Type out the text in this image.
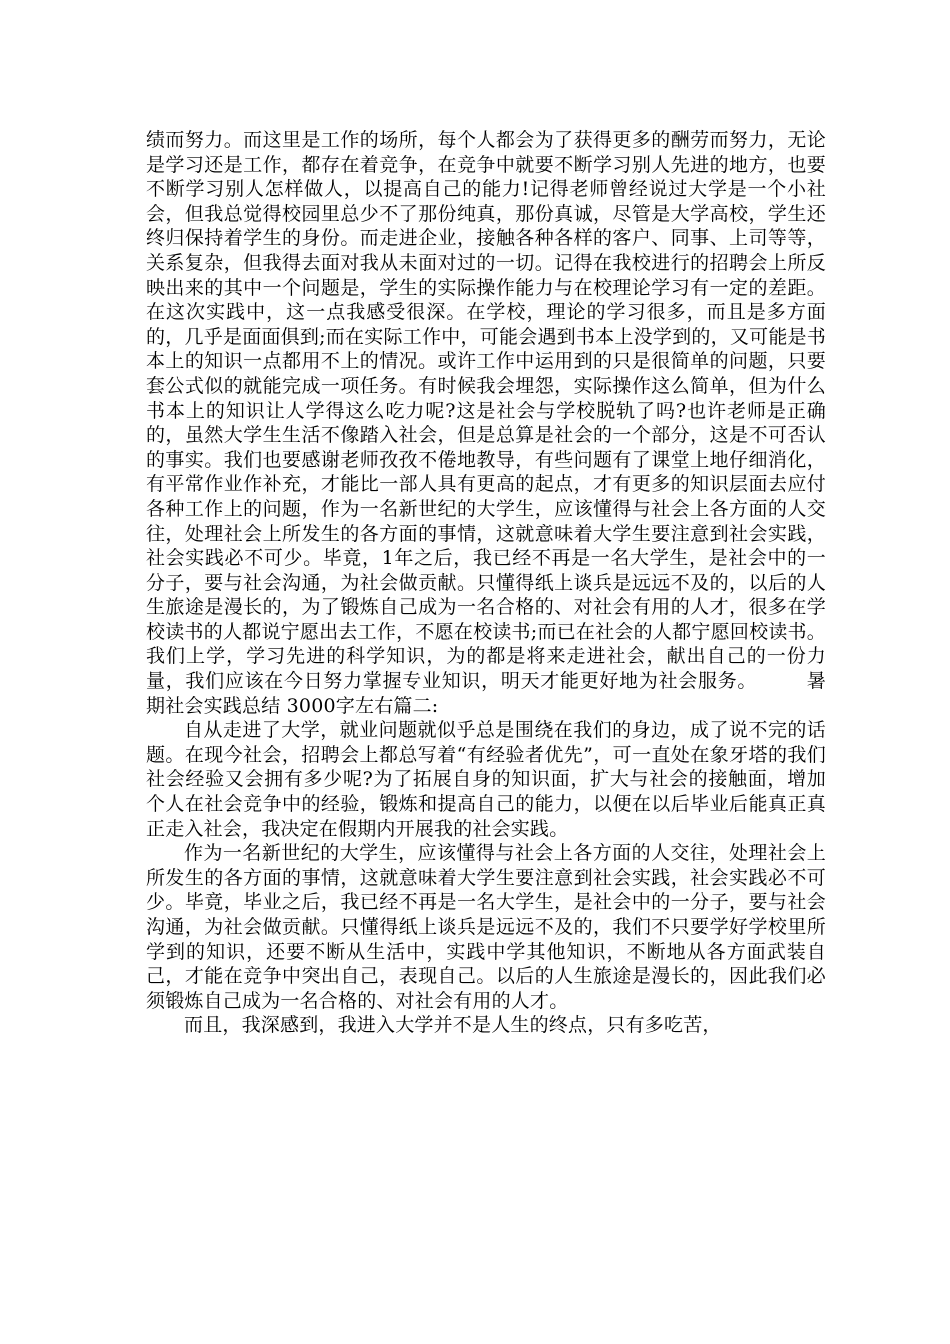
绩而努力。而这里是工作的场所，每个人都会为了获得更多的酬劳而努力，无论是学习还是工作，都存在着竞争，在竞争中就要不断学习别人先进的地方，也要不断学习别人怎样做人，以提高自己的能力!记得老师曾经说过大学是一个小社会，但我总觉得校园里总少不了那份纯真，那份真诚，尽管是大学高校，学生还终归保持着学生的身份。而走进企业，接触各种各样的客户、同事、上司等等，关系复杂，但我得去面对我从未面对过的一切。记得在我校进行的招聘会上所反映出来的其中一个问题是，学生的实际操作能力与在校理论学习有一定的差距。在这次实践中，这一点我感受很深。在学校，理论的学习很多，而且是多方面的，几乎是面面俱到;而在实际工作中，可能会遇到书本上没学到的，又可能是书本上的知识一点都用不上的情况。或许工作中运用到的只是很简单的问题，只要套公式似的就能完成一项任务。有时候我会埋怨，实际操作这么简单，但为什么书本上的知识让人学得这么吃力呢?这是社会与学校脱轨了吗?也许老师是正确的，虽然大学生生活不像踏入社会，但是总算是社会的一个部分，这是不可否认的事实。我们也要感谢老师孜孜不倦地教导，有些问题有了课堂上地仔细消化，有平常作业作补充，才能比一部人具有更高的起点，才有更多的知识层面去应付各种工作上的问题，作为一名新世纪的大学生，应该懂得与社会上各方面的人交往，处理社会上所发生的各方面的事情，这就意味着大学生要注意到社会实践，社会实践必不可少。毕竟，1年之后，我已经不再是一名大学生，是社会中的一分子，要与社会沟通，为社会做贡献。只懂得纸上谈兵是远远不及的，以后的人生旅途是漫长的，为了锻炼自己成为一名合格的、对社会有用的人才，很多在学校读书的人都说宁愿出去工作，不愿在校读书;而已在社会的人都宁愿回校读书。我们上学，学习先进的科学知识，为的都是将来走进社会，献出自己的一份力量，我们应该在今日努力掌握专业知识，明天才能更好地为社会服务。　　　暑期社会实践总结 3000字左右篇二:

自从走进了大学，就业问题就似乎总是围绕在我们的身边，成了说不完的话题。在现今社会，招聘会上都总写着“有经验者优先”，可一直处在象牙塔的我们社会经验又会拥有多少呢?为了拓展自身的知识面，扩大与社会的接触面，增加个人在社会竞争中的经验，锻炼和提高自己的能力，以便在以后毕业后能真正真正走入社会，我决定在假期内开展我的社会实践。

作为一名新世纪的大学生，应该懂得与社会上各方面的人交往，处理社会上所发生的各方面的事情，这就意味着大学生要注意到社会实践，社会实践必不可少。毕竟，毕业之后，我已经不再是一名大学生，是社会中的一分子，要与社会沟通，为社会做贡献。只懂得纸上谈兵是远远不及的，我们不只要学好学校里所学到的知识，还要不断从生活中，实践中学其他知识，不断地从各方面武装自己，才能在竞争中突出自己，表现自己。以后的人生旅途是漫长的，因此我们必须锻炼自己成为一名合格的、对社会有用的人才。

而且，我深感到，我进入大学并不是人生的终点，只有多吃苦，
